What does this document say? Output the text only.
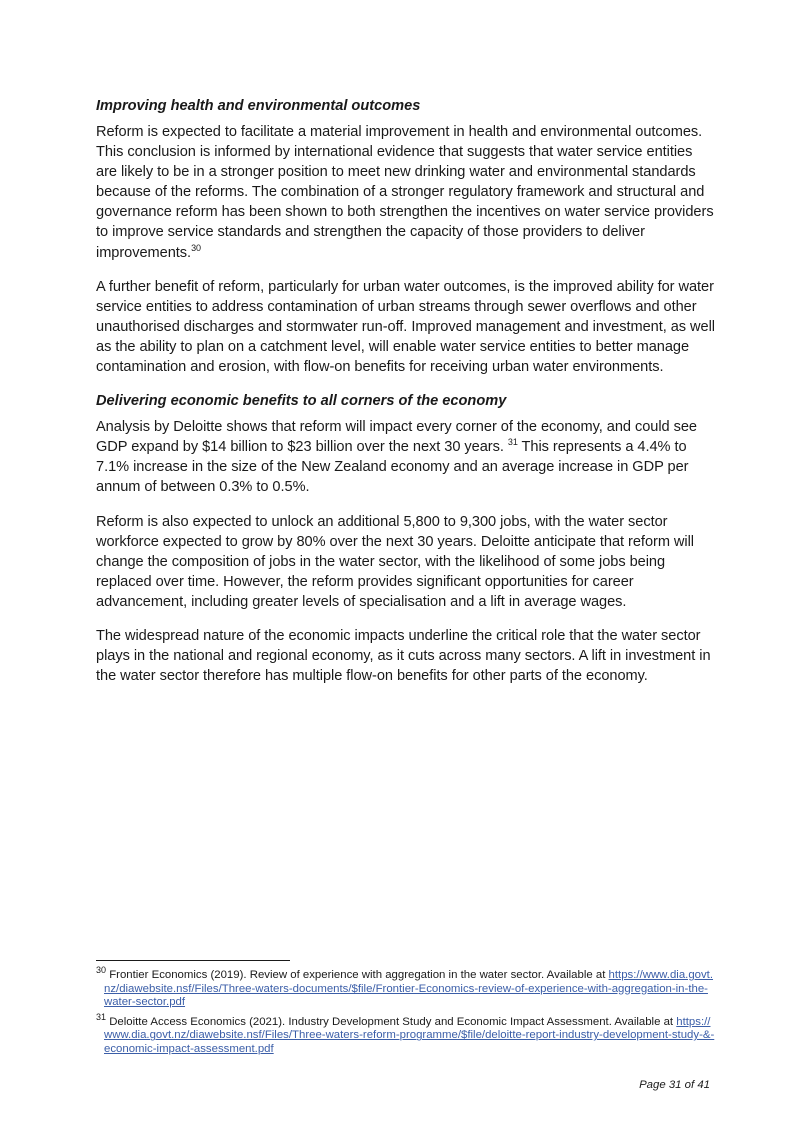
Improving health and environmental outcomes

Reform is expected to facilitate a material improvement in health and environmental outcomes. This conclusion is informed by international evidence that suggests that water service entities are likely to be in a stronger position to meet new drinking water and environmental standards because of the reforms. The combination of a stronger regulatory framework and structural and governance reform has been shown to both strengthen the incentives on water service providers to improve service standards and strengthen the capacity of those providers to deliver improvements.$^{30}$

A further benefit of reform, particularly for urban water outcomes, is the improved ability for water service entities to address contamination of urban streams through sewer overflows and other unauthorised discharges and stormwater run-off. Improved management and investment, as well as the ability to plan on a catchment level, will enable water service entities to better manage contamination and erosion, with flow-on benefits for receiving urban water environments.

Delivering economic benefits to all corners of the economy

Analysis by Deloitte shows that reform will impact every corner of the economy, and could see GDP expand by $14 billion to $23 billion over the next 30 years. $^{31}$ This represents a 4.4% to 7.1% increase in the size of the New Zealand economy and an average increase in GDP per annum of between 0.3% to 0.5%.

Reform is also expected to unlock an additional 5,800 to 9,300 jobs, with the water sector workforce expected to grow by 80% over the next 30 years. Deloitte anticipate that reform will change the composition of jobs in the water sector, with the likelihood of some jobs being replaced over time. However, the reform provides significant opportunities for career advancement, including greater levels of specialisation and a lift in average wages.

The widespread nature of the economic impacts underline the critical role that the water sector plays in the national and regional economy, as it cuts across many sectors. A lift in investment in the water sector therefore has multiple flow-on benefits for other parts of the economy.

$^{30}$ Frontier Economics (2019). Review of experience with aggregation in the water sector. Available at https://www.dia.govt.nz/diawebsite.nsf/Files/Three-waters-documents/$file/Frontier-Economics-review-of-experience-with-aggregation-in-the-water-sector.pdf

$^{31}$ Deloitte Access Economics (2021). Industry Development Study and Economic Impact Assessment. Available at https://www.dia.govt.nz/diawebsite.nsf/Files/Three-waters-reform-programme/$file/deloitte-report-industry-development-study-&-economic-impact-assessment.pdf

Page 31 of 41
